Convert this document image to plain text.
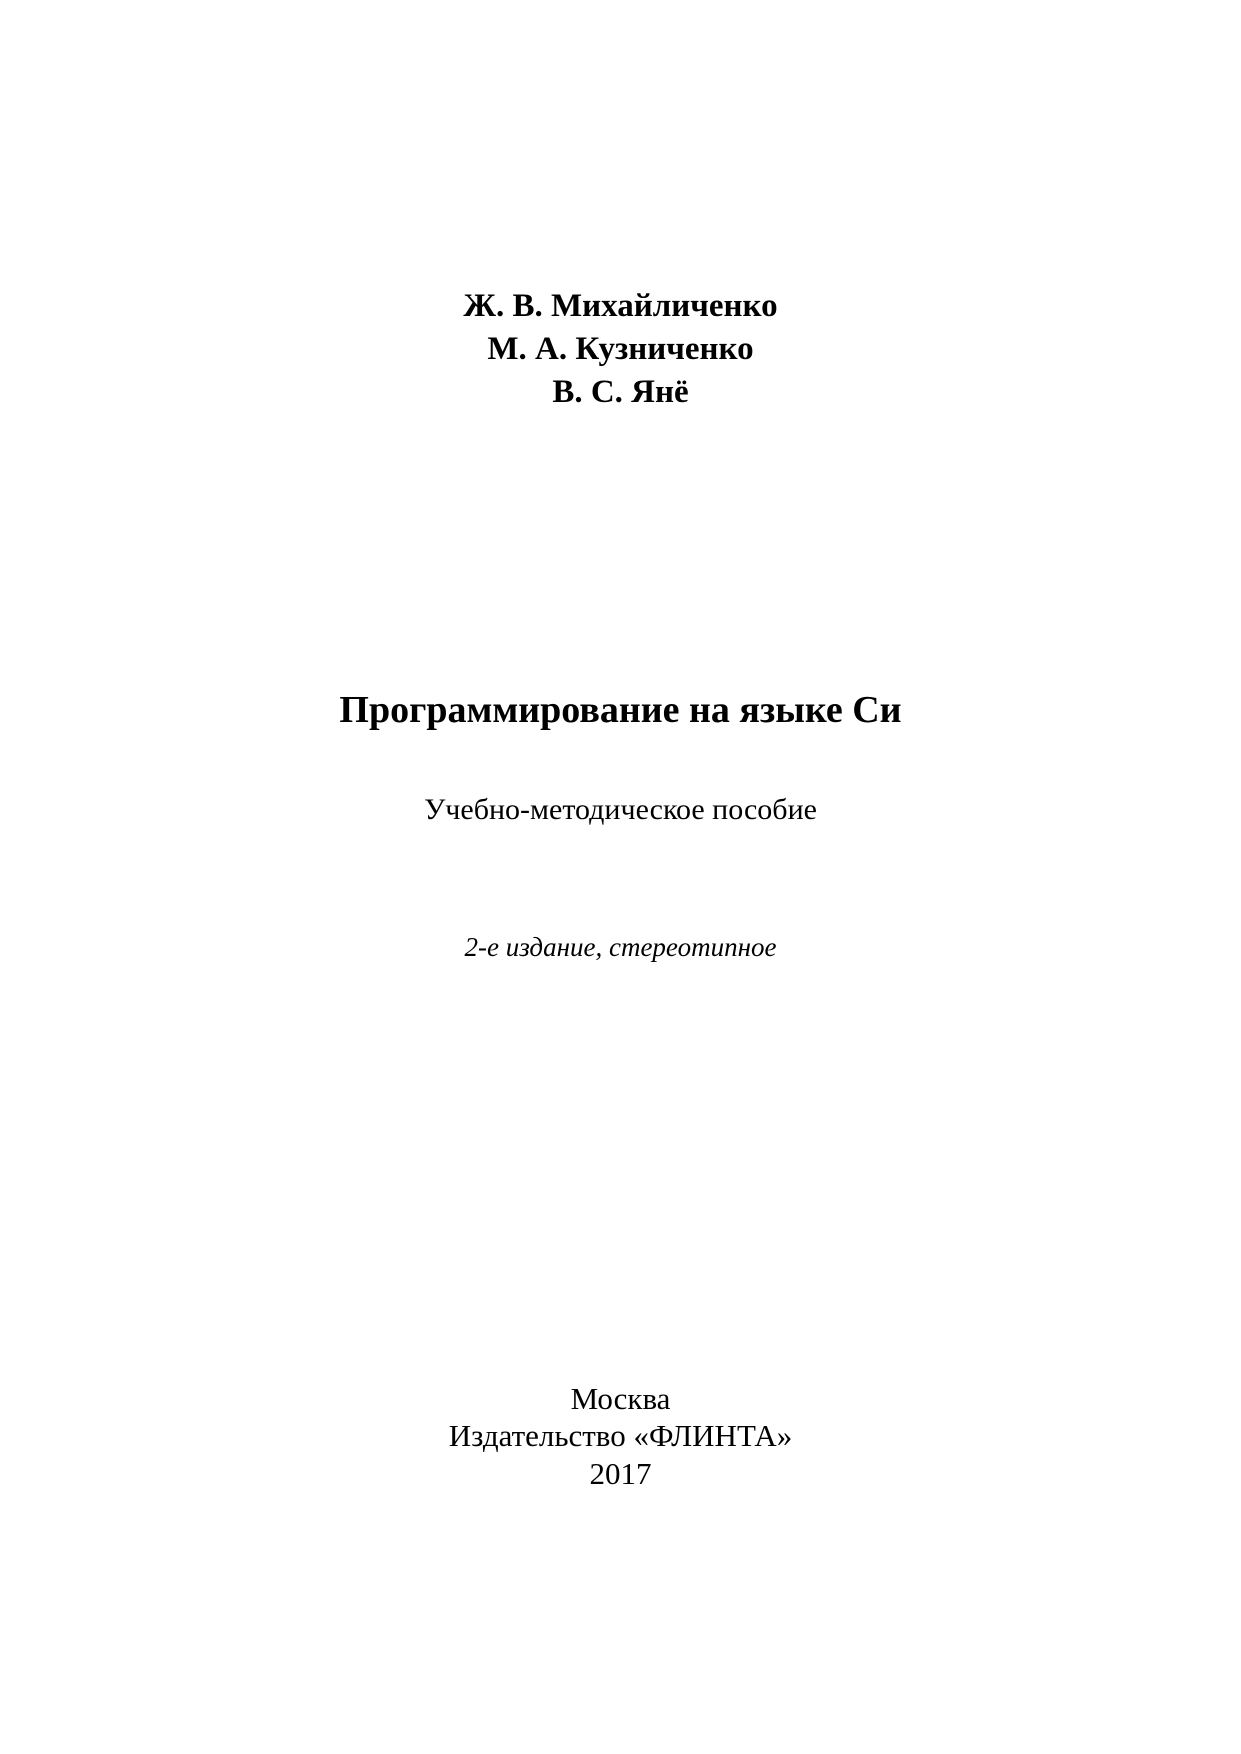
Ж. В. Михайличенко
М. А. Кузниченко
В. С. Янё
Программирование на языке Си
Учебно-методическое пособие
2-е издание, стереотипное
Москва
Издательство «ФЛИНТА»
2017
